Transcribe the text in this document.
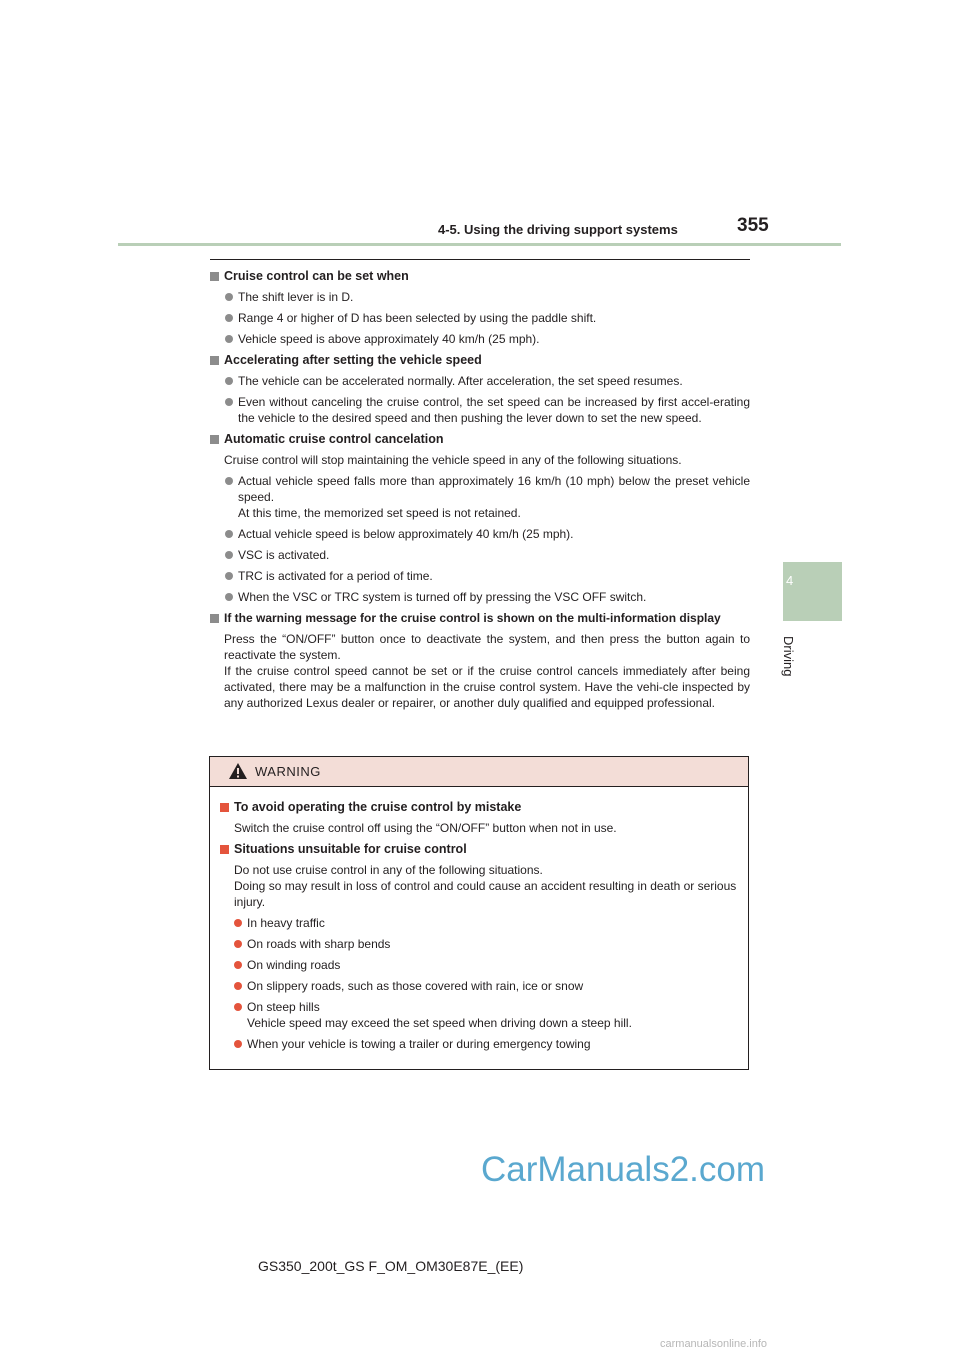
4-5. Using the driving support systems	355
4
Driving
Cruise control can be set when
The shift lever is in D.
Range 4 or higher of D has been selected by using the paddle shift.
Vehicle speed is above approximately 40 km/h (25 mph).
Accelerating after setting the vehicle speed
The vehicle can be accelerated normally. After acceleration, the set speed resumes.
Even without canceling the cruise control, the set speed can be increased by first accel-erating the vehicle to the desired speed and then pushing the lever down to set the new speed.
Automatic cruise control cancelation
Cruise control will stop maintaining the vehicle speed in any of the following situations.
Actual vehicle speed falls more than approximately 16 km/h (10 mph) below the preset vehicle speed.
At this time, the memorized set speed is not retained.
Actual vehicle speed is below approximately 40 km/h (25 mph).
VSC is activated.
TRC is activated for a period of time.
When the VSC or TRC system is turned off by pressing the VSC OFF switch.
If the warning message for the cruise control is shown on the multi-information display
Press the “ON/OFF” button once to deactivate the system, and then press the button again to reactivate the system.
If the cruise control speed cannot be set or if the cruise control cancels immediately after being activated, there may be a malfunction in the cruise control system. Have the vehi-cle inspected by any authorized Lexus dealer or repairer, or another duly qualified and equipped professional.
WARNING
To avoid operating the cruise control by mistake
Switch the cruise control off using the “ON/OFF” button when not in use.
Situations unsuitable for cruise control
Do not use cruise control in any of the following situations.
Doing so may result in loss of control and could cause an accident resulting in death or serious injury.
In heavy traffic
On roads with sharp bends
On winding roads
On slippery roads, such as those covered with rain, ice or snow
On steep hills
Vehicle speed may exceed the set speed when driving down a steep hill.
When your vehicle is towing a trailer or during emergency towing
CarManuals2.com
GS350_200t_GS F_OM_OM30E87E_(EE)
carmanualsonline.info
